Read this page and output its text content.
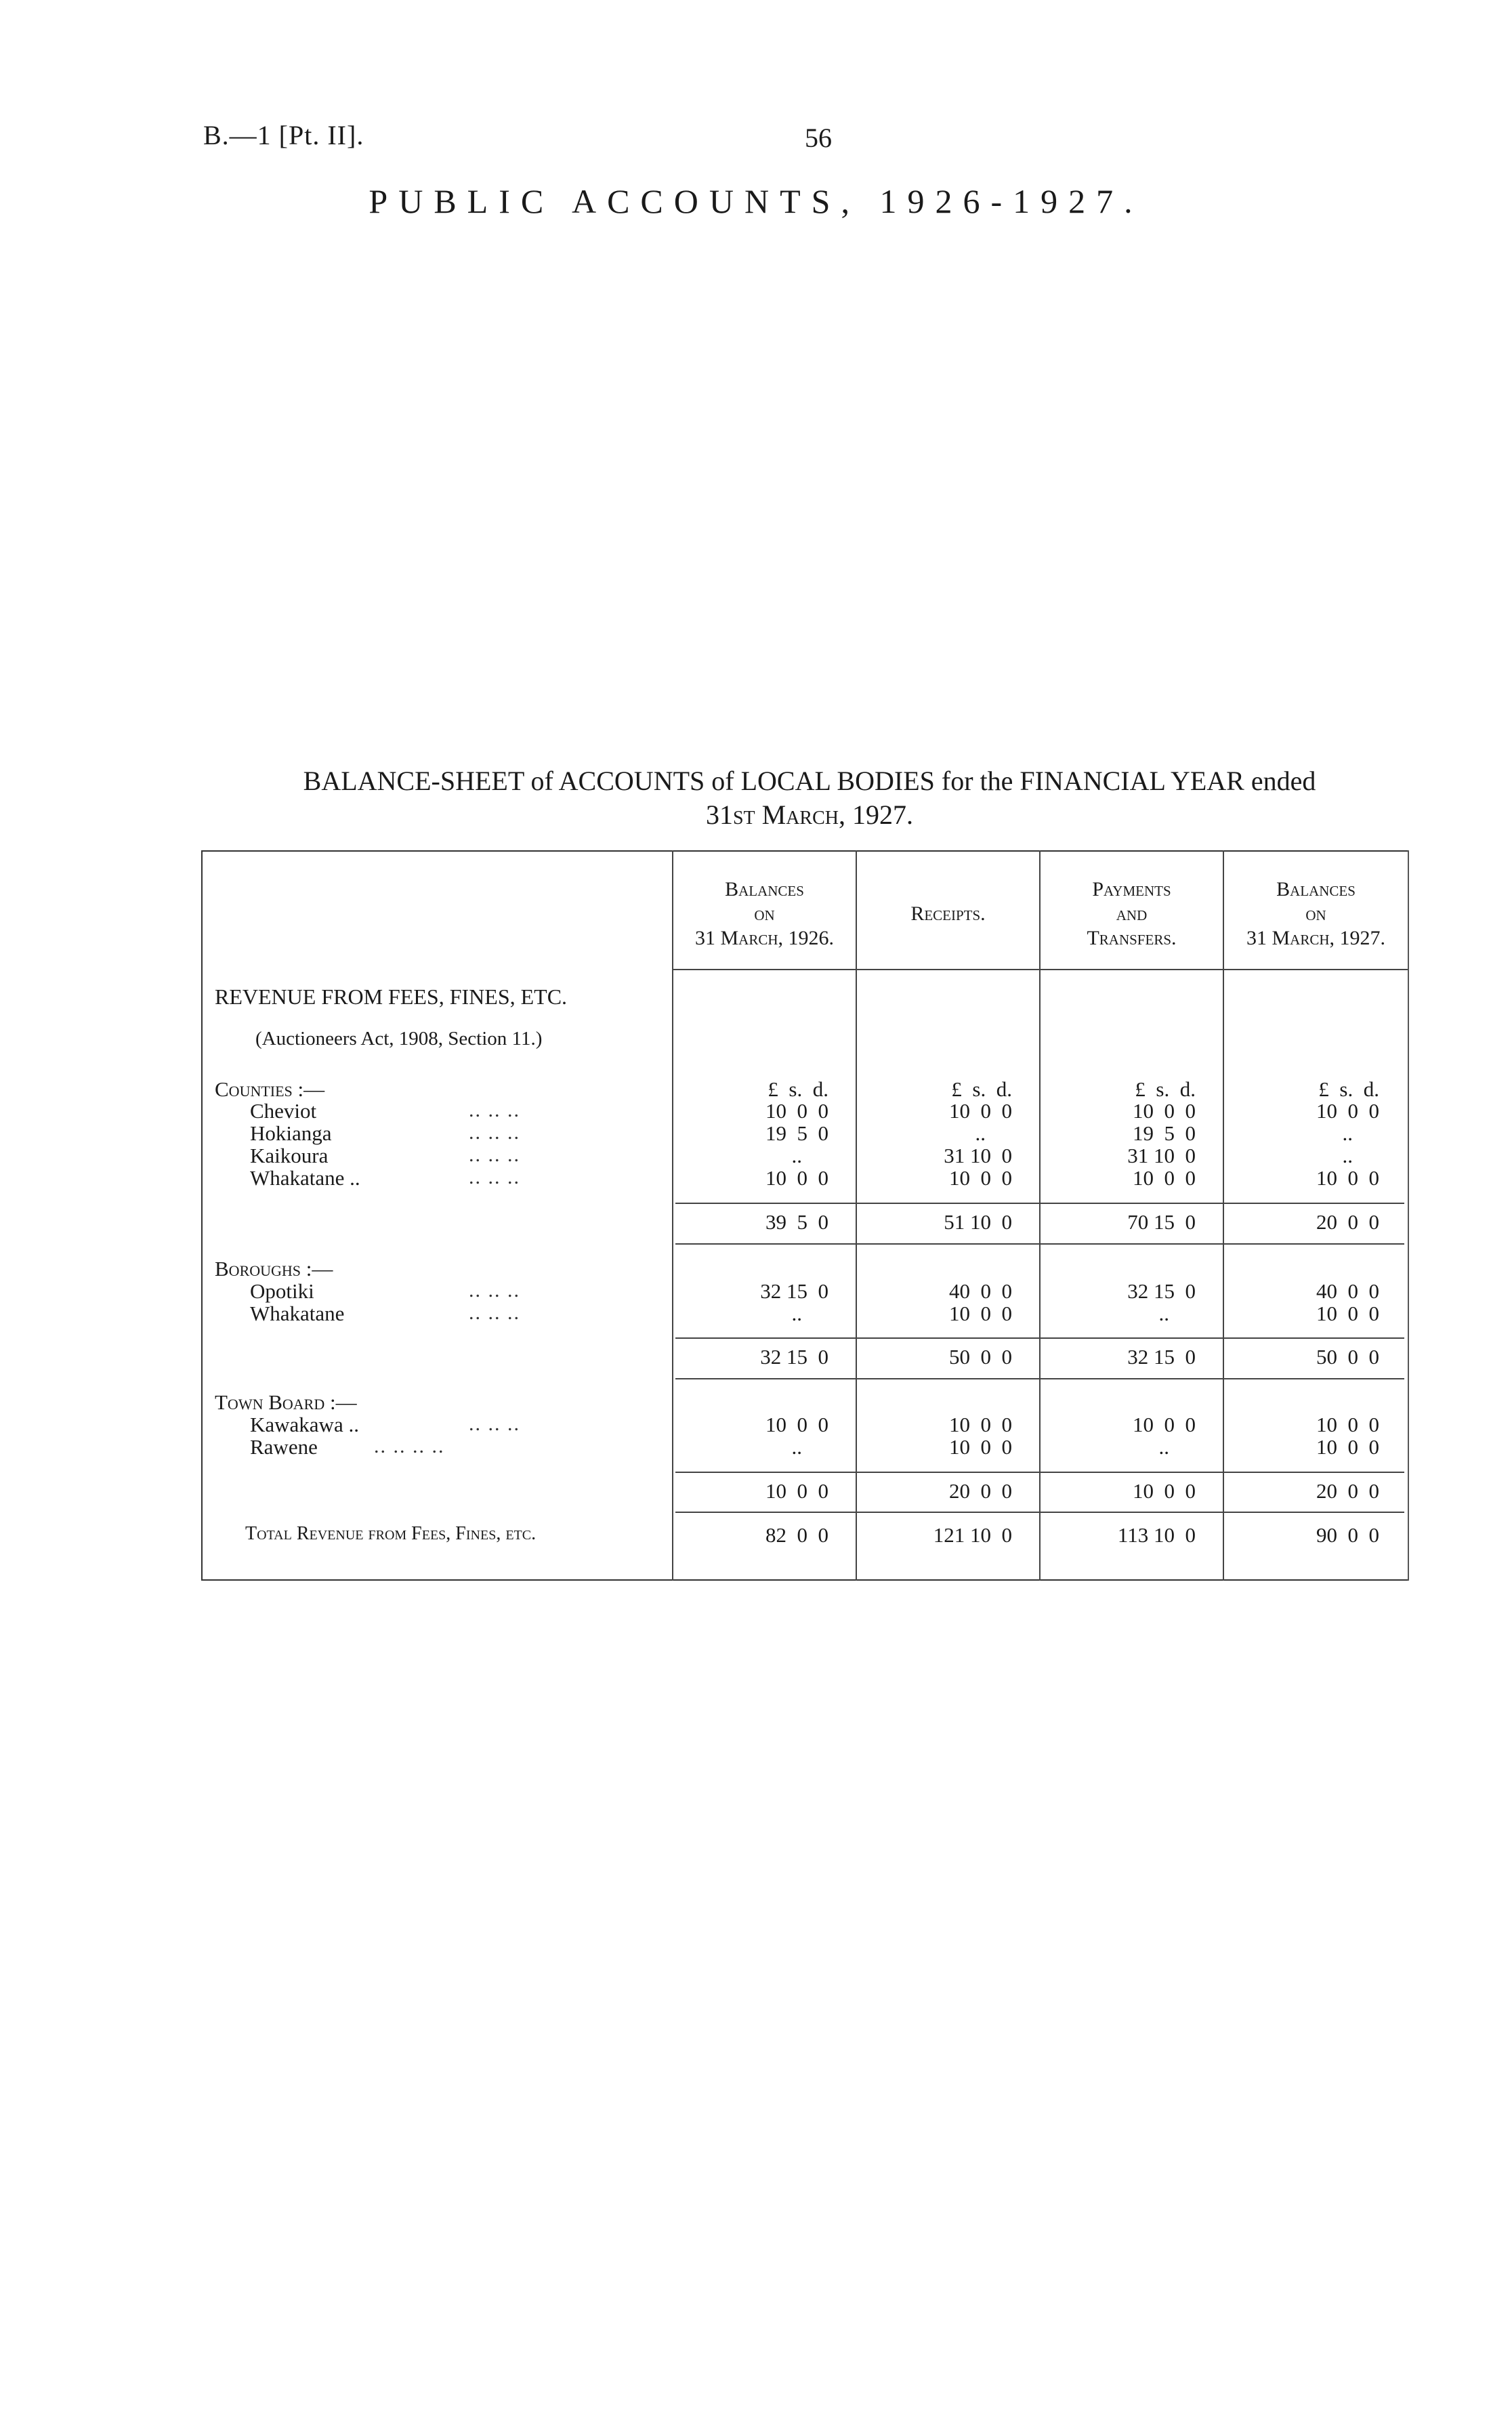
B.—1 [Pt. II].	56
PUBLIC ACCOUNTS, 1926-1927.
BALANCE-SHEET of ACCOUNTS of LOCAL BODIES for the FINANCIAL YEAR ended
31st March, 1927.
Balances
on
31 March, 1926.

Receipts.
Payments
and
Transfers.
Balances
on
31 March, 1927.
REVENUE FROM FEES, FINES, ETC.
(Auctioneers Act, 1908, Section 11.)
£  s.  d.	£  s.  d.	£  s.  d.	£  s.  d.
Counties :—
Cheviot	.. .. ..	10  0  0	10  0  0	10  0  0	10  0  0
Hokianga	.. .. ..	19  5  0	..	19  5  0	..
Kaikoura	.. .. ..	..	31 10  0	31 10  0	..
Whakatane ..	.. .. ..	10  0  0	10  0  0	10  0  0	10  0  0
39  5  0	51 10  0	70 15  0	20  0  0
Boroughs :—
Opotiki	.. .. ..	32 15  0	40  0  0	32 15  0	40  0  0
Whakatane	.. .. ..	..	10  0  0	..	10  0  0
32 15  0	50  0  0	32 15  0	50  0  0
Town Board :—
Kawakawa ..	.. .. ..	10  0  0	10  0  0	10  0  0	10  0  0
Rawene	.. .. .. ..	..	10  0  0	..	10  0  0
10  0  0	20  0  0	10  0  0	20  0  0
Total Revenue from Fees, Fines, etc.	82  0  0	121 10  0	113 10  0	90  0  0
